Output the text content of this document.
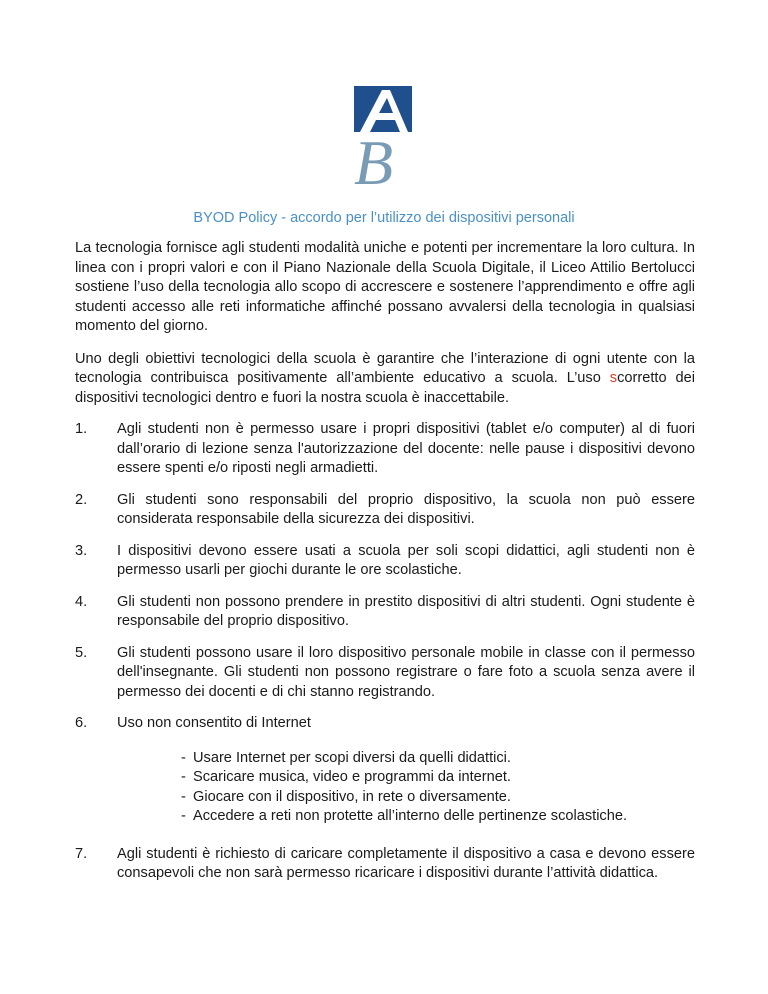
B
BYOD Policy - accordo per l’utilizzo dei dispositivi personali

La tecnologia fornisce agli studenti modalità uniche e potenti per incrementare la loro cultura. In linea con i propri valori e con il Piano Nazionale della Scuola Digitale, il Liceo Attilio Bertolucci sostiene l’uso della tecnologia allo scopo di accrescere e sostenere l’apprendimento e offre agli studenti accesso alle reti informatiche affinché possano avvalersi della tecnologia in qualsiasi momento del giorno.

Uno degli obiettivi tecnologici della scuola è garantire che l’interazione di ogni utente con la tecnologia contribuisca positivamente all’ambiente educativo a scuola. L’uso scorretto dei dispositivi tecnologici dentro e fuori la nostra scuola è inaccettabile.

1.	Agli studenti non è permesso usare i propri dispositivi (tablet e/o computer) al di fuori dall’orario di lezione senza l'autorizzazione del docente: nelle pause i dispositivi devono essere spenti e/o riposti negli armadietti.
2.	Gli studenti sono responsabili del proprio dispositivo, la scuola non può essere considerata responsabile della sicurezza dei dispositivi.
3.	I dispositivi devono essere usati a scuola per soli scopi didattici, agli studenti non è permesso usarli per giochi durante le ore scolastiche.
4.	Gli studenti non possono prendere in prestito dispositivi di altri studenti. Ogni studente è responsabile del proprio dispositivo.
5.	Gli studenti possono usare il loro dispositivo personale mobile in classe con il permesso dell'insegnante. Gli studenti non possono registrare o fare foto a scuola senza avere il permesso dei docenti e di chi stanno registrando.
6.	Uso non consentito di Internet
- Usare Internet per scopi diversi da quelli didattici.
- Scaricare musica, video e programmi da internet.
- Giocare con il dispositivo, in rete o diversamente.
- Accedere a reti non protette all’interno delle pertinenze scolastiche.
7.	Agli studenti è richiesto di caricare completamente il dispositivo a casa e devono essere consapevoli che non sarà permesso ricaricare i dispositivi durante l’attività didattica.
